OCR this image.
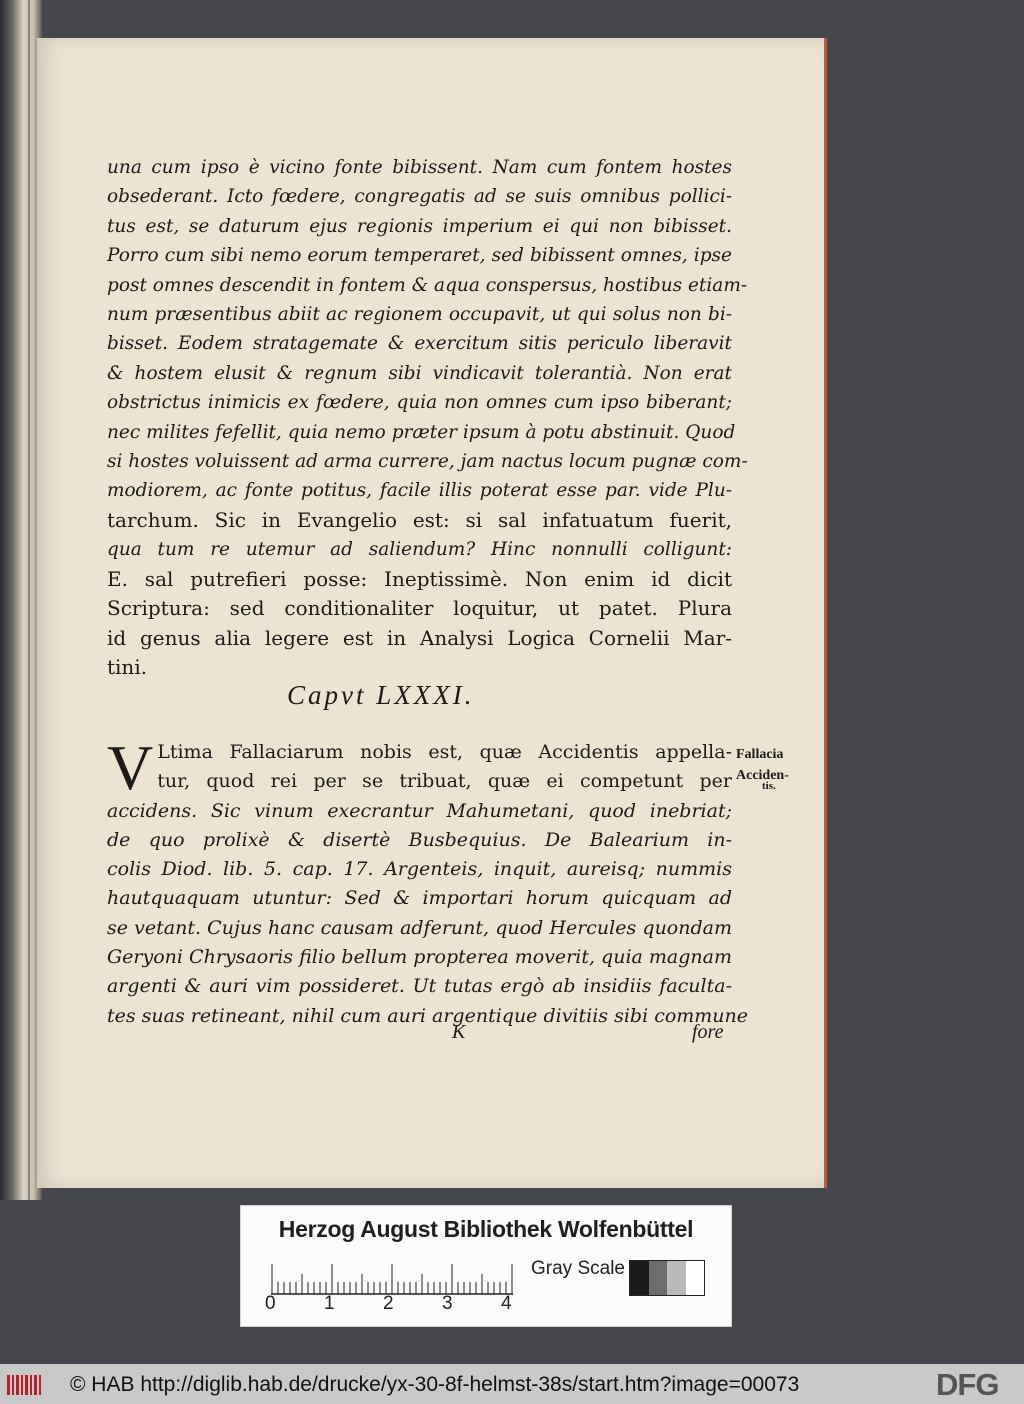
una cum ipso è vicino fonte bibissent. Nam cum fontem hostes
obsederant. Icto fœdere, congregatis ad se suis omnibus pollici-
tus est, se daturum ejus regionis imperium ei qui non bibisset.
Porro cum sibi nemo eorum temperaret, sed bibissent omnes, ipse
post omnes descendit in fontem & aqua conspersus, hostibus etiam-
num præsentibus abiit ac regionem occupavit, ut qui solus non bi-
bisset. Eodem stratagemate & exercitum sitis periculo liberavit
& hostem elusit & regnum sibi vindicavit tolerantià. Non erat
obstrictus inimicis ex fœdere, quia non omnes cum ipso biberant;
nec milites fefellit, quia nemo præter ipsum à potu abstinuit. Quod
si hostes voluissent ad arma currere, jam nactus locum pugnæ com-
modiorem, ac fonte potitus, facile illis poterat esse par. vide Plu-
tarchum. Sic in Evangelio est: si sal infatuatum fuerit,
qua tum re utemur ad saliendum? Hinc nonnulli colligunt:
E. sal putrefieri posse: Ineptissimè. Non enim id dicit
Scriptura: sed conditionaliter loquitur, ut patet. Plura
id genus alia legere est in Analysi Logica Cornelii Mar-
tini.
Capvt LXXXI.
V Ltima Fallaciarum nobis est, quæ Accidentis appella-
tur, quod rei per se tribuat, quæ ei competunt per
accidens. Sic vinum execrantur Mahumetani, quod inebriat;
de quo prolixè & disertè Busbequius. De Balearium in-
colis Diod. lib. 5. cap. 17. Argenteis, inquit, aureisq; nummis
hautquaquam utuntur: Sed & importari horum quicquam ad
se vetant. Cujus hanc causam adferunt, quod Hercules quondam
Geryoni Chrysaoris filio bellum propterea moverit, quia magnam
argenti & auri vim possideret. Ut tutas ergò ab insidiis faculta-
tes suas retineant, nihil cum auri argentique divitiis sibi commune
Fallacia
Acciden-
tis.
K	fore
Herzog August Bibliothek Wolfenbüttel
0	1	2	3	4
Gray Scale
© HAB http://diglib.hab.de/drucke/yx-30-8f-helmst-38s/start.htm?image=00073	DFG
